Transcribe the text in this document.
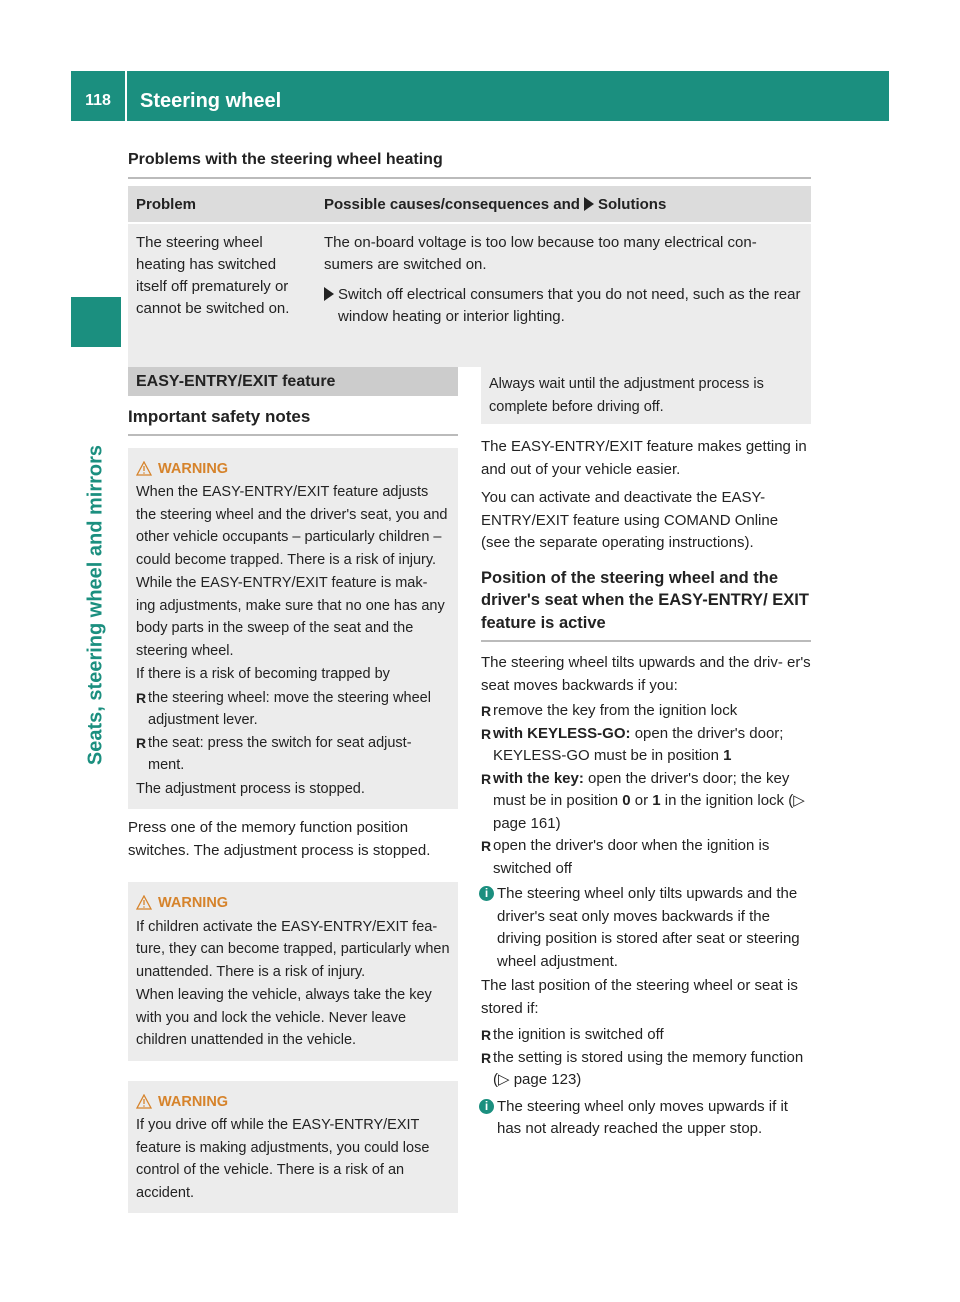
118	Steering wheel
Seats, steering wheel and mirrors
Problems with the steering wheel heating
Problem	Possible causes/consequences and Solutions
The steering wheel heating has switched itself off prematurely or cannot be switched on.
The on-board voltage is too low because too many electrical con- sumers are switched on.
Switch off electrical consumers that you do not need, such as the rear window heating or interior lighting.
EASY-ENTRY/EXIT feature
Important safety notes
WARNING

When the EASY-ENTRY/EXIT feature adjusts the steering wheel and the driver's seat, you and other vehicle occupants – particularly children – could become trapped. There is a risk of injury.

While the EASY-ENTRY/EXIT feature is mak- ing adjustments, make sure that no one has any body parts in the sweep of the seat and the steering wheel.

If there is a risk of becoming trapped by

R the steering wheel: move the steering wheel adjustment lever.
R the seat: press the switch for seat adjust- ment.

The adjustment process is stopped.

Press one of the memory function position switches. The adjustment process is stopped.

WARNING

If children activate the EASY-ENTRY/EXIT fea- ture, they can become trapped, particularly when unattended. There is a risk of injury.

When leaving the vehicle, always take the key with you and lock the vehicle. Never leave children unattended in the vehicle.

WARNING

If you drive off while the EASY-ENTRY/EXIT feature is making adjustments, you could lose control of the vehicle. There is a risk of an accident.

Always wait until the adjustment process is complete before driving off.

The EASY-ENTRY/EXIT feature makes getting in and out of your vehicle easier.

You can activate and deactivate the EASY- ENTRY/EXIT feature using COMAND Online (see the separate operating instructions).

Position of the steering wheel and the driver's seat when the EASY-ENTRY/ EXIT feature is active

The steering wheel tilts upwards and the driv- er's seat moves backwards if you:

R remove the key from the ignition lock
R with KEYLESS-GO: open the driver's door; KEYLESS-GO must be in position 1
R with the key: open the driver's door; the key must be in position 0 or 1 in the ignition lock (▷ page 161)
R open the driver's door when the ignition is switched off
i The steering wheel only tilts upwards and the driver's seat only moves backwards if the driving position is stored after seat or steering wheel adjustment.

The last position of the steering wheel or seat is stored if:

R the ignition is switched off
R the setting is stored using the memory function (▷ page 123)
i The steering wheel only moves upwards if it has not already reached the upper stop.
